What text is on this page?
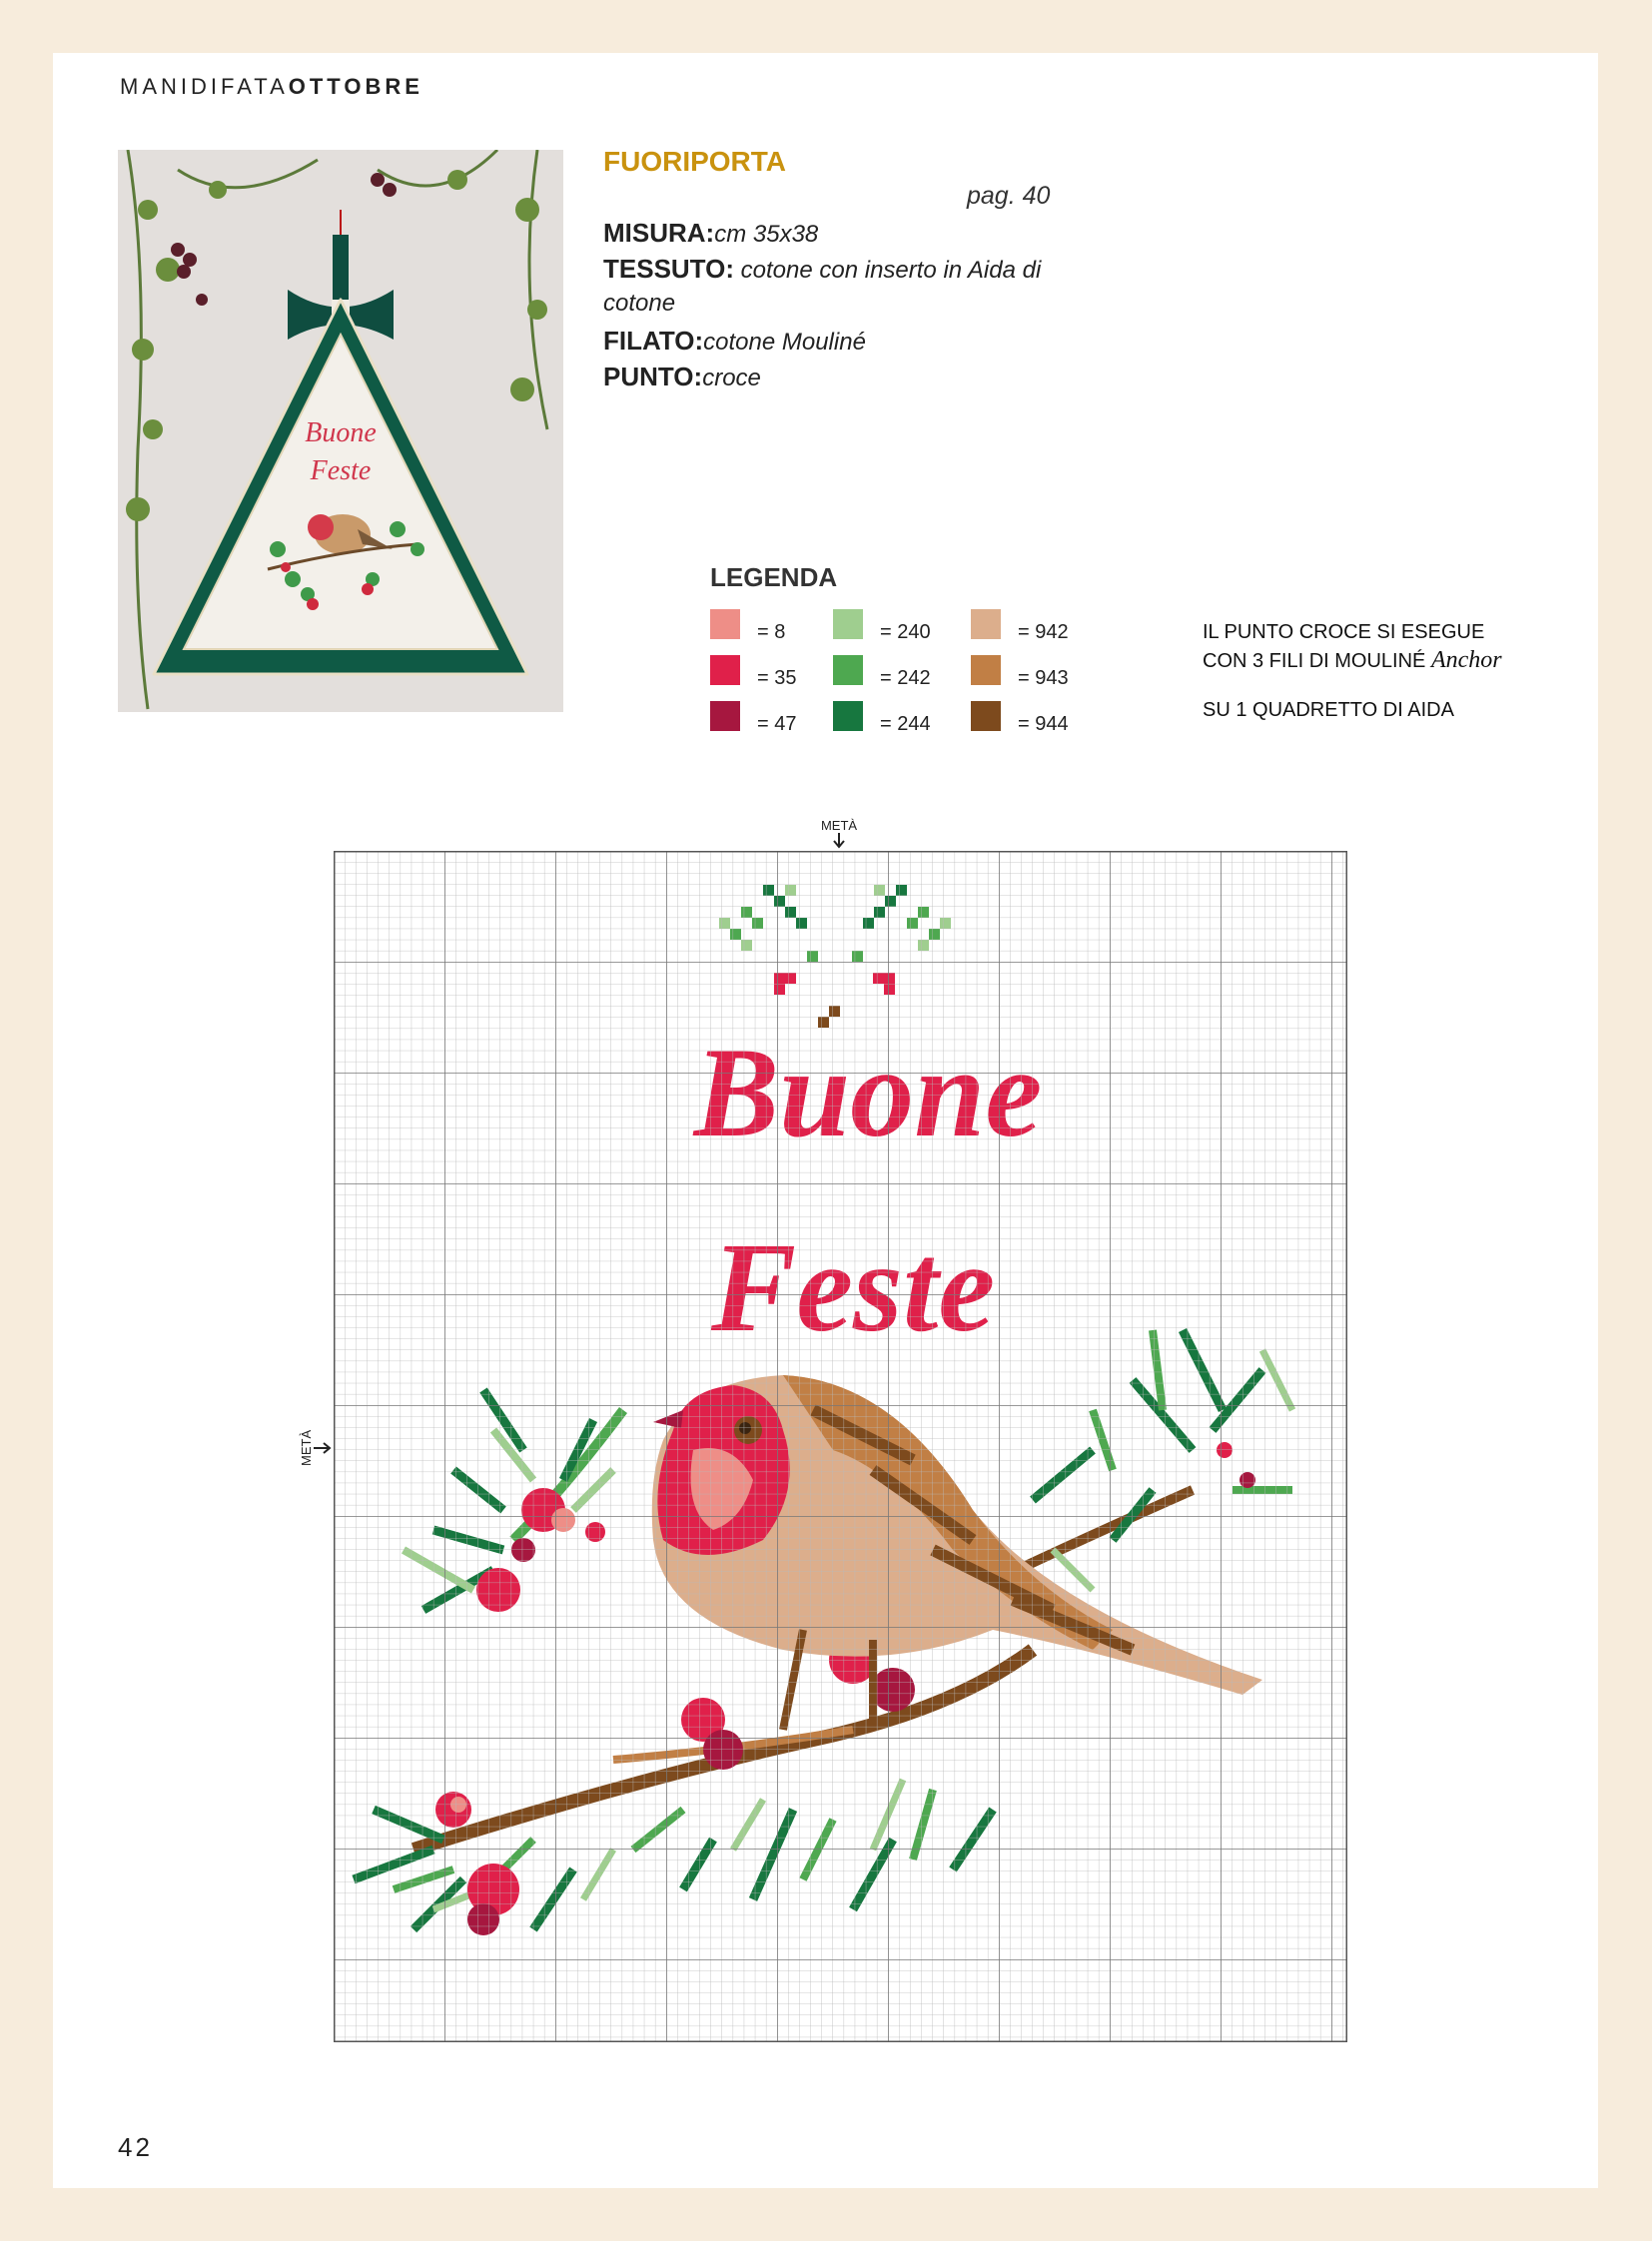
MANIDIFATAOTTOBRE
Buone
Feste
FUORIPORTA
pag. 40
MISURA:cm 35x38
TESSUTO: cotone con inserto in Aida di
cotone
FILATO:cotone Mouliné
PUNTO:croce
LEGENDA
= 8
= 35
= 47
= 240
= 242
= 244
= 942
= 943
= 944
IL PUNTO CROCE SI ESEGUE
CON 3 FILI DI MOULINÉ Anchor
SU 1 QUADRETTO DI AIDA
METÀ
METÀ
42
